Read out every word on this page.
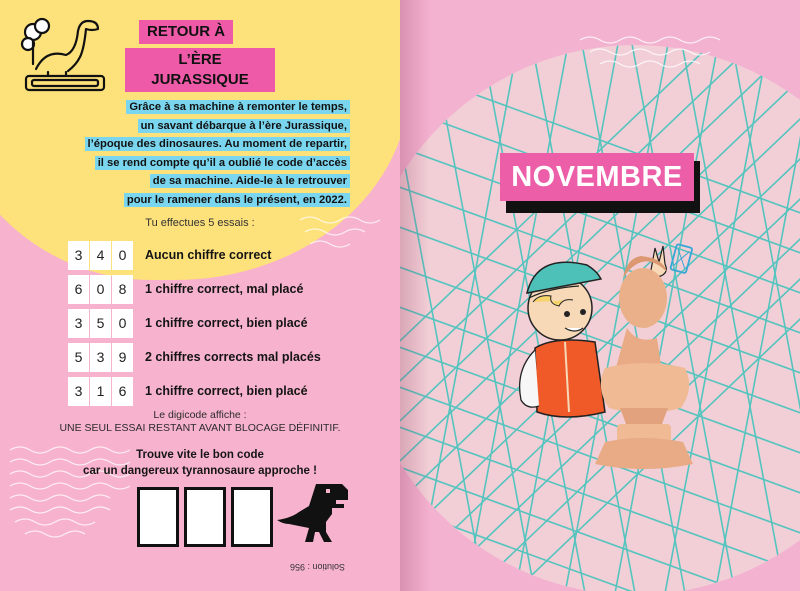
RETOUR À
L’ÈRE JURASSIQUE
Grâce à sa machine à remonter le temps,
un savant débarque à l’ère Jurassique,
l’époque des dinosaures. Au moment de repartir,
il se rend compte qu’il a oublié le code d’accès
de sa machine. Aide-le à le retrouver
pour le ramener dans le présent, en 2022.
Tu effectues 5 essais :
3	4	0	Aucun chiffre correct
6	0	8	1 chiffre correct, mal placé
3	5	0	1 chiffre correct, bien placé
5	3	9	2 chiffres corrects mal placés
3	1	6	1 chiffre correct, bien placé
Le digicode affiche :
UNE SEUL ESSAI RESTANT AVANT BLOCAGE DÉFINITIF.
Trouve vite le bon code
car un dangereux tyrannosaure approche !
Solution : 956
NOVEMBRE
